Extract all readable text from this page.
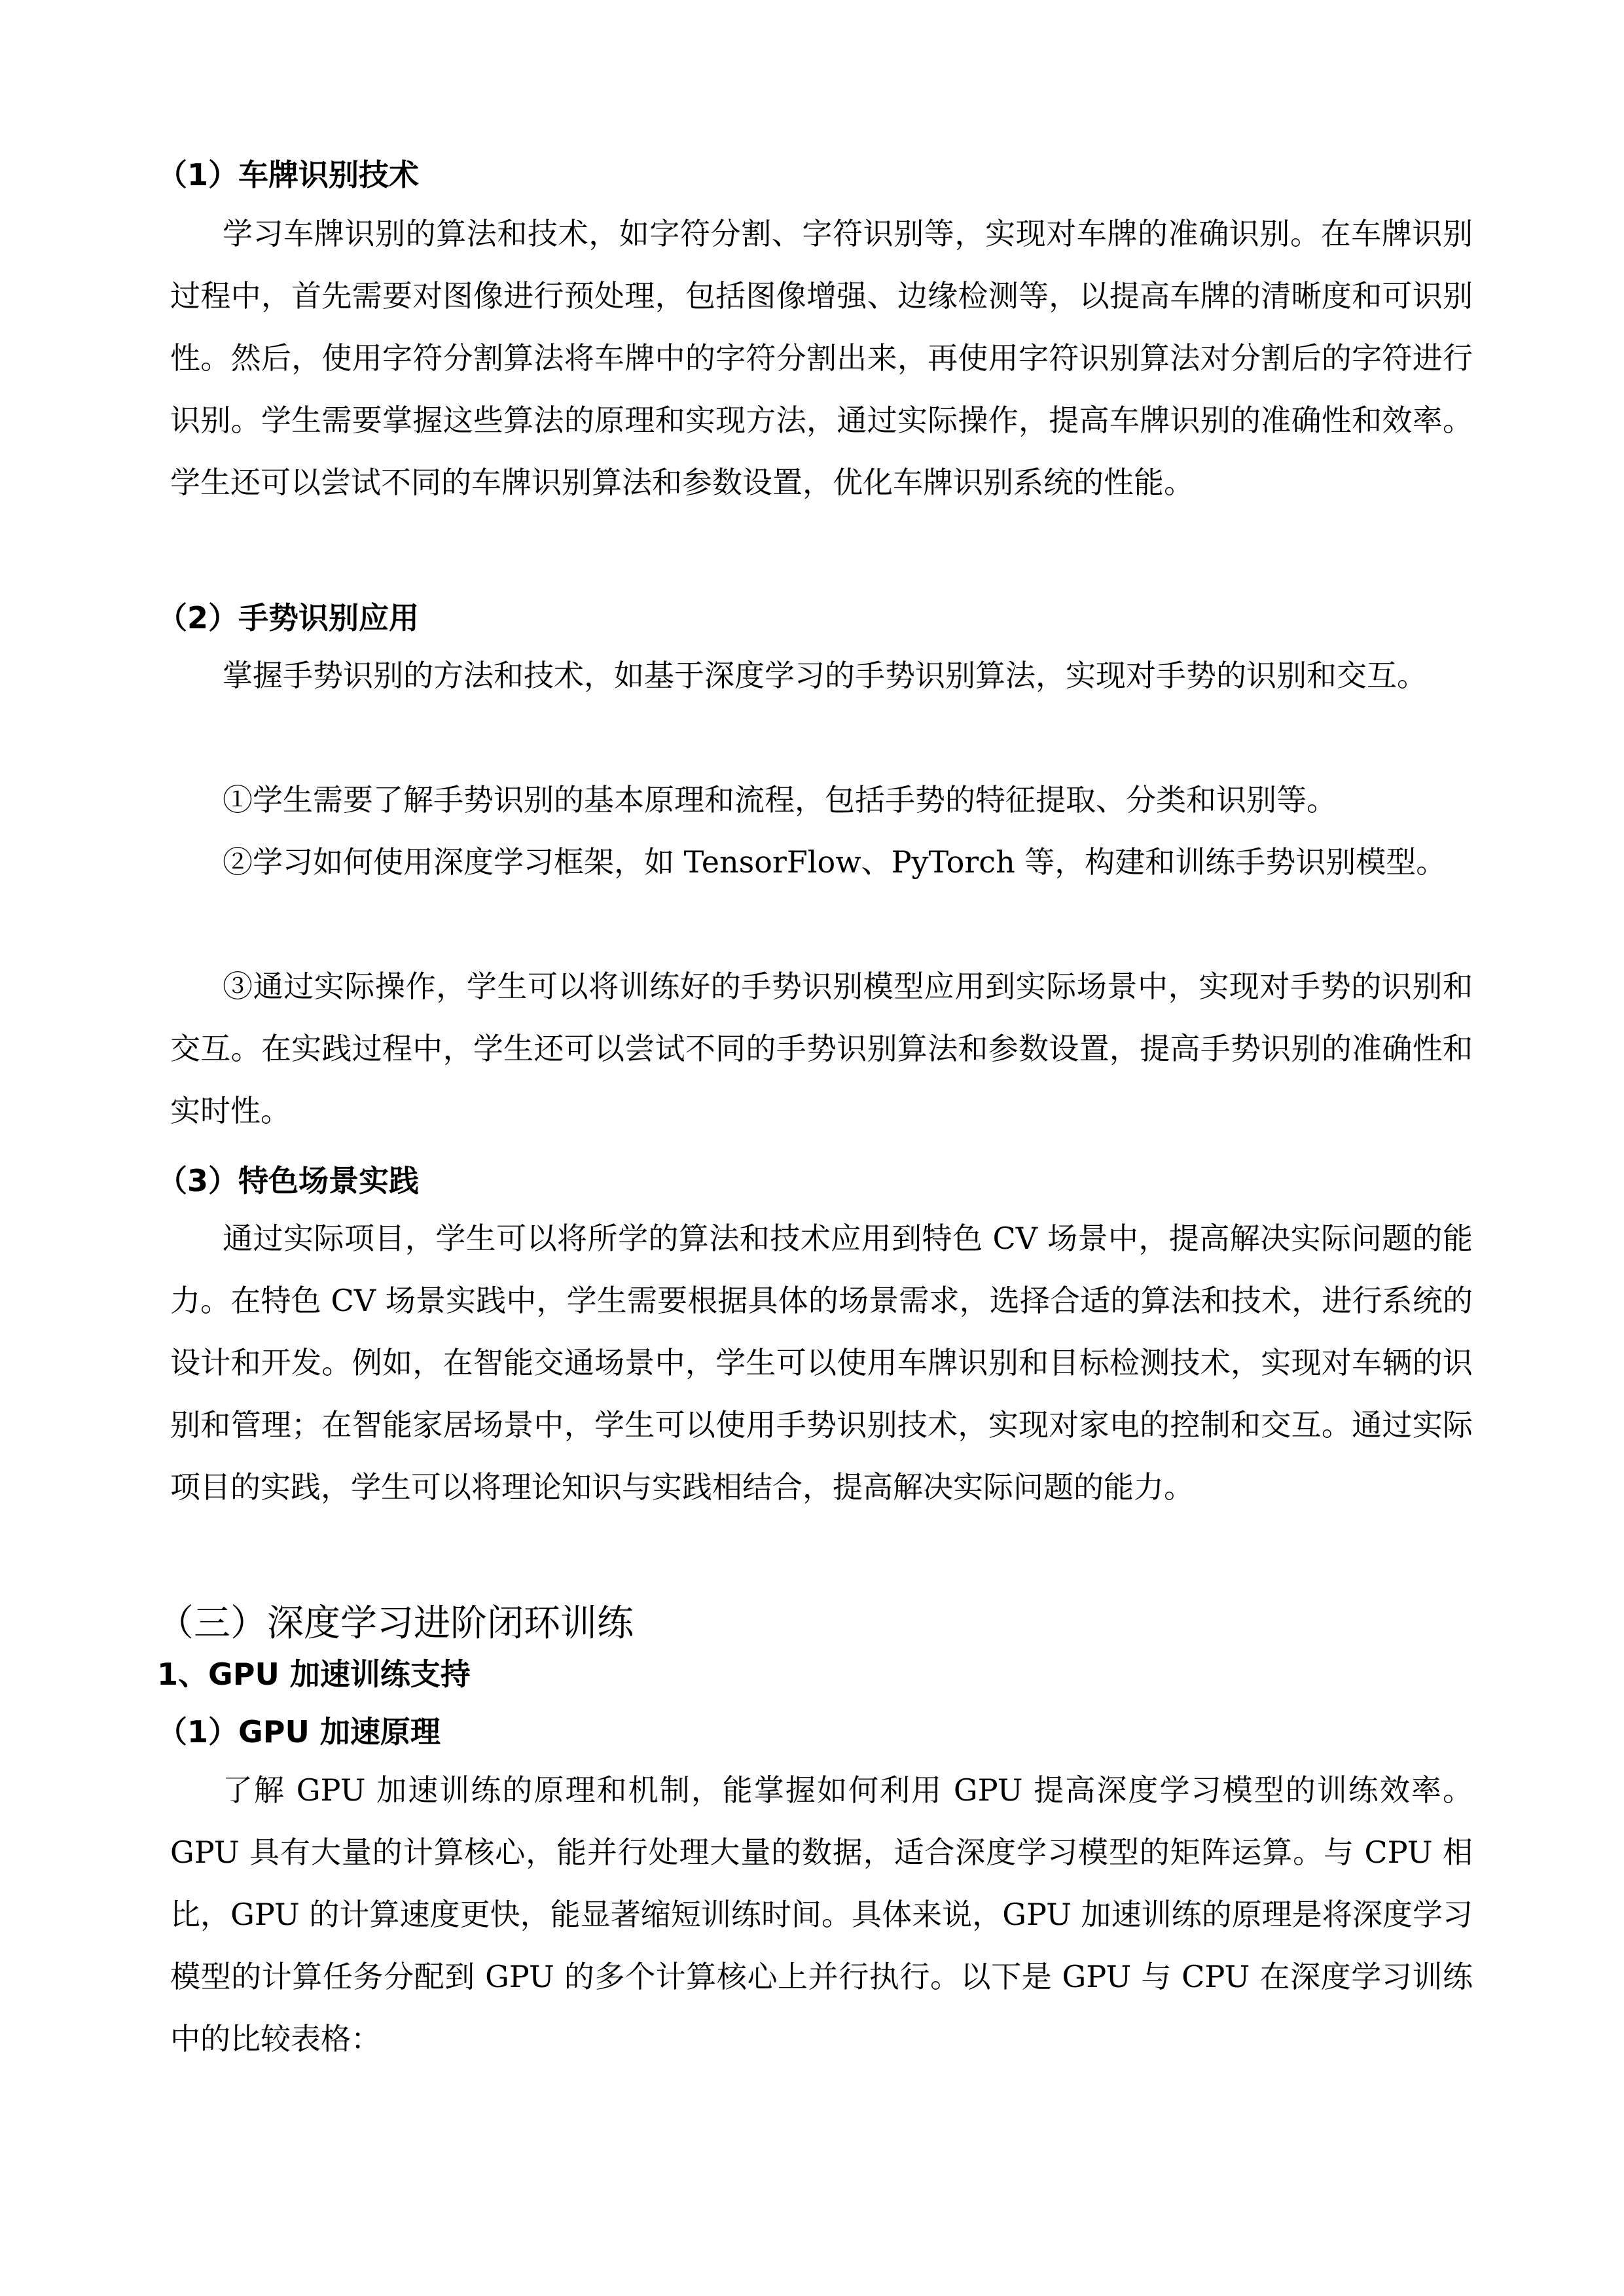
（1）车牌识别技术

学习车牌识别的算法和技术，如字符分割、字符识别等，实现对车牌的准确识别。在车牌识别过程中，首先需要对图像进行预处理，包括图像增强、边缘检测等，以提高车牌的清晰度和可识别性。然后，使用字符分割算法将车牌中的字符分割出来，再使用字符识别算法对分割后的字符进行识别。学生需要掌握这些算法的原理和实现方法，通过实际操作，提高车牌识别的准确性和效率。学生还可以尝试不同的车牌识别算法和参数设置，优化车牌识别系统的性能。

（2）手势识别应用

掌握手势识别的方法和技术，如基于深度学习的手势识别算法，实现对手势的识别和交互。

①学生需要了解手势识别的基本原理和流程，包括手势的特征提取、分类和识别等。

②学习如何使用深度学习框架，如 TensorFlow、PyTorch 等，构建和训练手势识别模型。

③通过实际操作，学生可以将训练好的手势识别模型应用到实际场景中，实现对手势的识别和交互。在实践过程中，学生还可以尝试不同的手势识别算法和参数设置，提高手势识别的准确性和实时性。

（3）特色场景实践

通过实际项目，学生可以将所学的算法和技术应用到特色 CV 场景中，提高解决实际问题的能力。在特色 CV 场景实践中，学生需要根据具体的场景需求，选择合适的算法和技术，进行系统的设计和开发。例如，在智能交通场景中，学生可以使用车牌识别和目标检测技术，实现对车辆的识别和管理；在智能家居场景中，学生可以使用手势识别技术，实现对家电的控制和交互。通过实际项目的实践，学生可以将理论知识与实践相结合，提高解决实际问题的能力。

（三）深度学习进阶闭环训练
1、GPU 加速训练支持
（1）GPU 加速原理

了解 GPU 加速训练的原理和机制，能掌握如何利用 GPU 提高深度学习模型的训练效率。GPU 具有大量的计算核心，能并行处理大量的数据，适合深度学习模型的矩阵运算。与 CPU 相比，GPU 的计算速度更快，能显著缩短训练时间。具体来说，GPU 加速训练的原理是将深度学习模型的计算任务分配到 GPU 的多个计算核心上并行执行。以下是 GPU 与 CPU 在深度学习训练中的比较表格：
